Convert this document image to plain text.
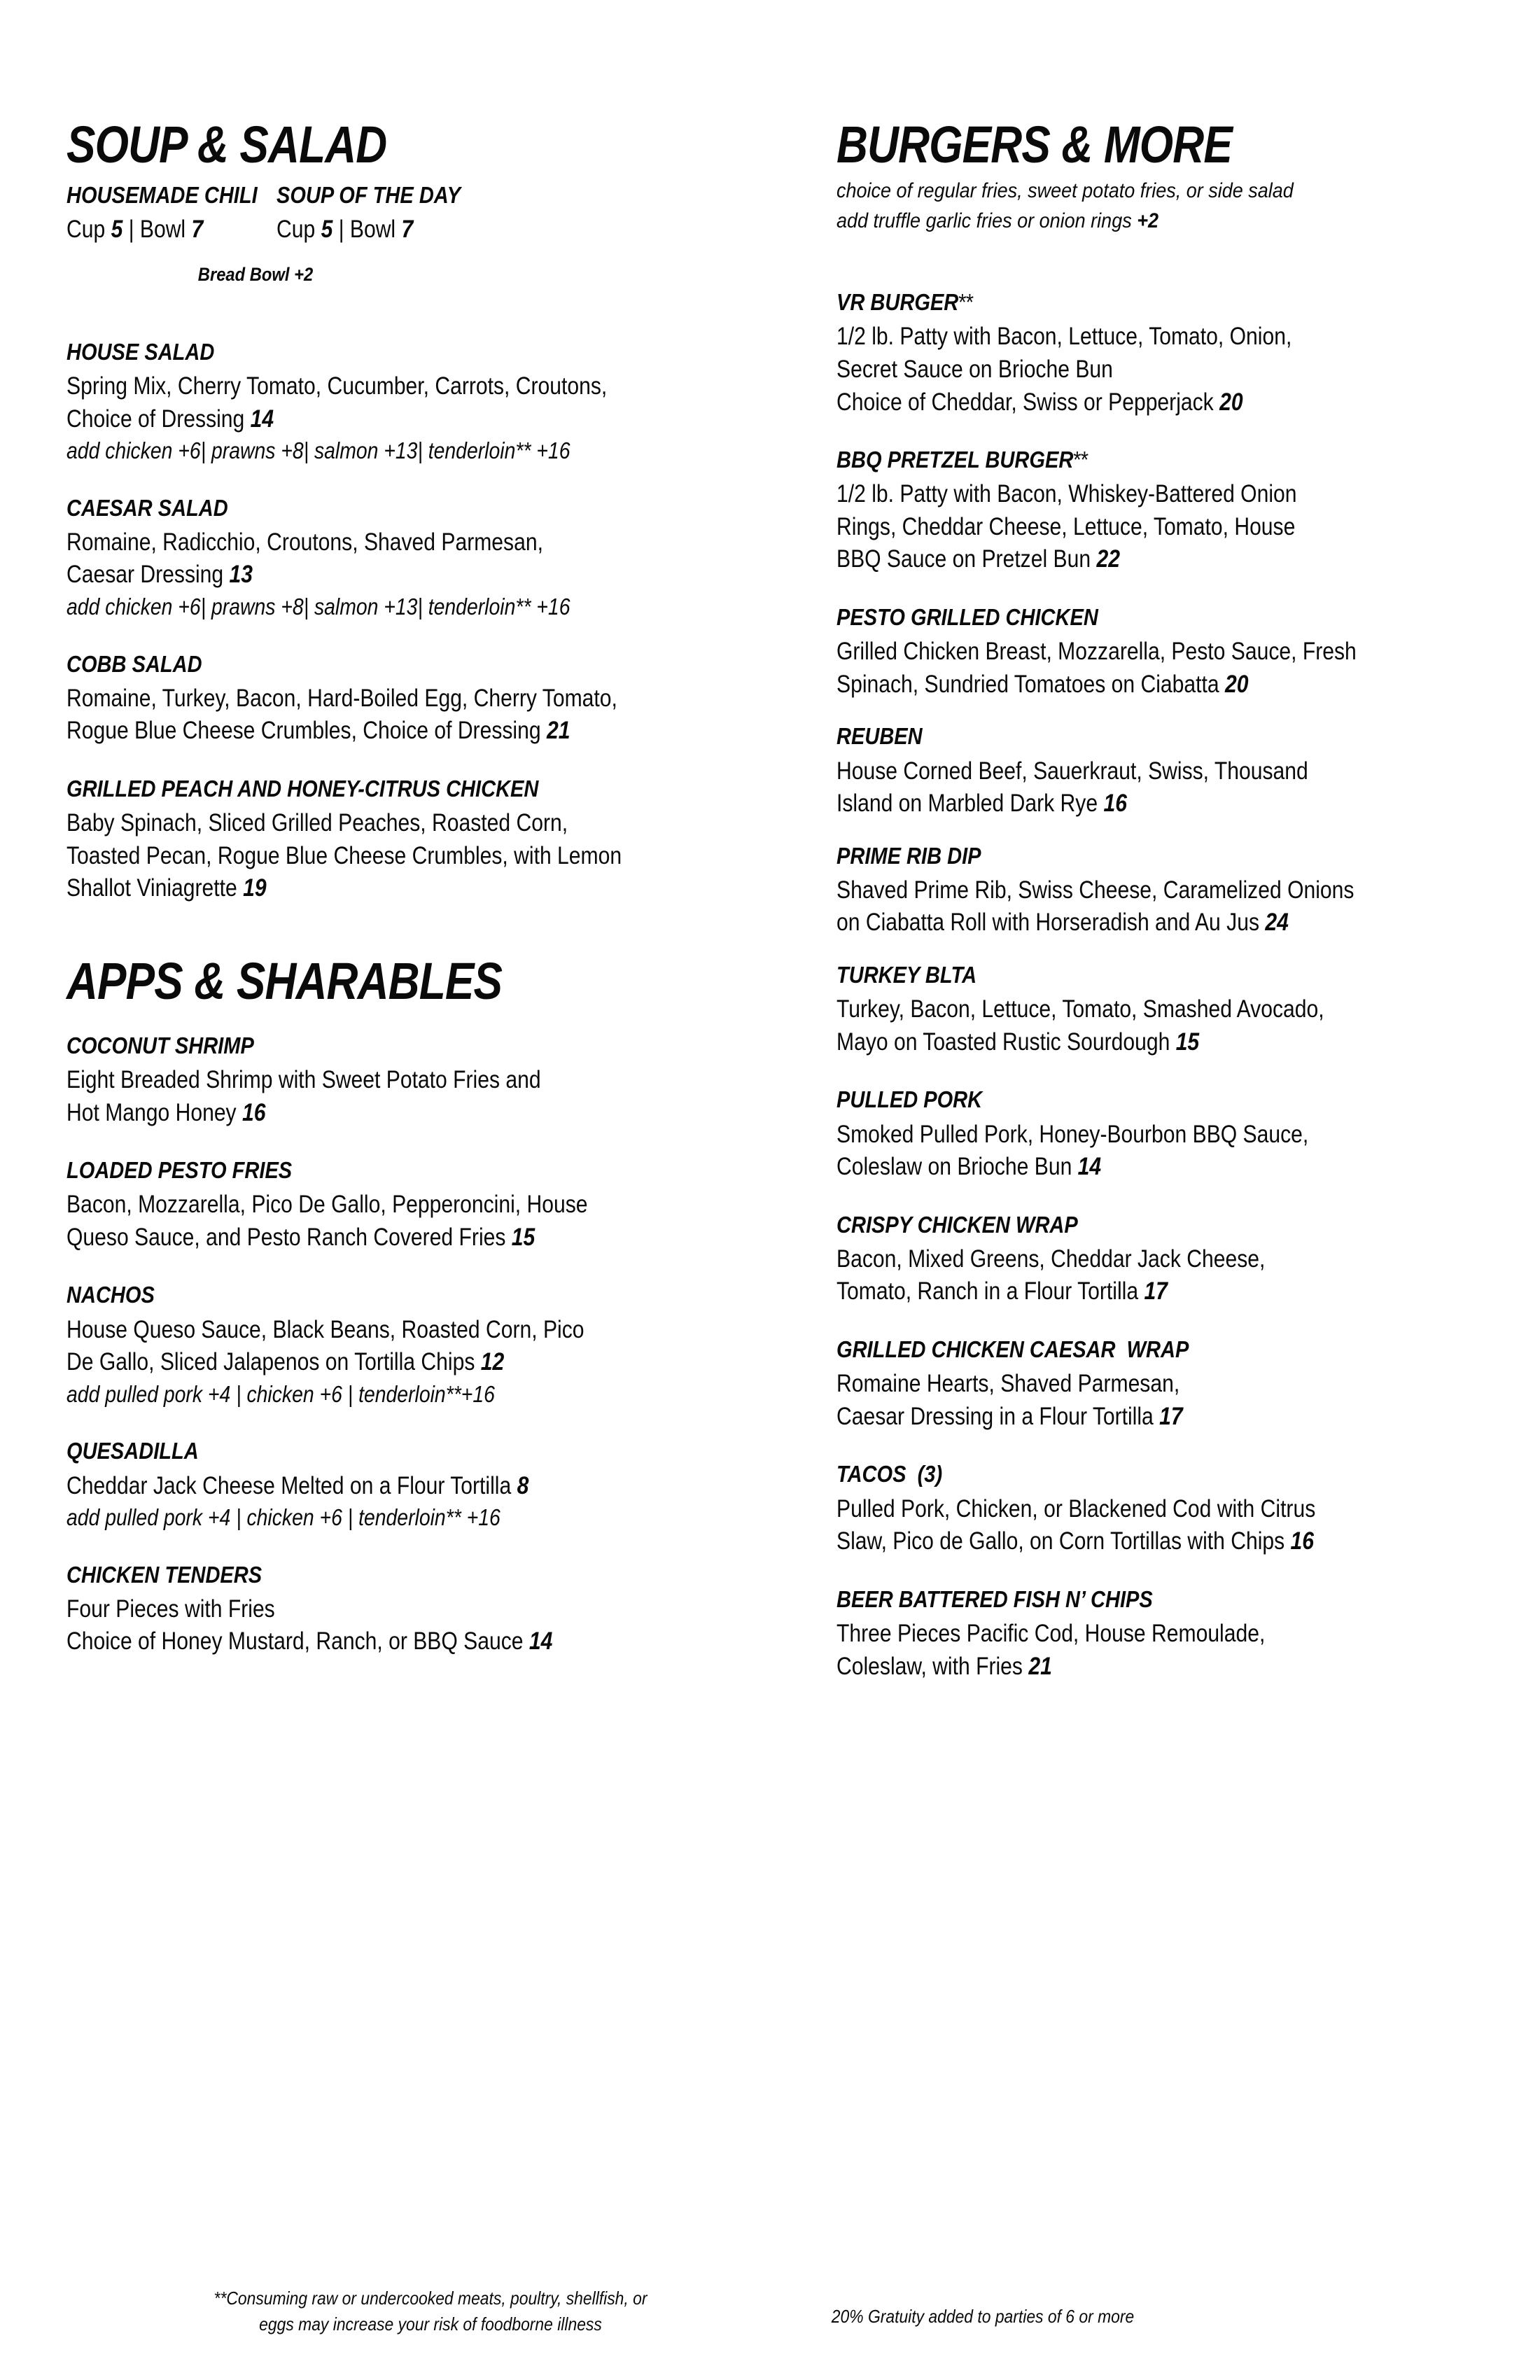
SOUP & SALAD
HOUSEMADE CHILI
Cup 5 | Bowl 7
SOUP OF THE DAY
Cup 5 | Bowl 7
Bread Bowl +2
HOUSE SALAD
Spring Mix, Cherry Tomato, Cucumber, Carrots, Croutons,
Choice of Dressing 14
add chicken +6| prawns +8| salmon +13| tenderloin** +16
CAESAR SALAD
Romaine, Radicchio, Croutons, Shaved Parmesan,
Caesar Dressing 13
add chicken +6| prawns +8| salmon +13| tenderloin** +16
COBB SALAD
Romaine, Turkey, Bacon, Hard-Boiled Egg, Cherry Tomato,
Rogue Blue Cheese Crumbles, Choice of Dressing 21
GRILLED PEACH AND HONEY-CITRUS CHICKEN
Baby Spinach, Sliced Grilled Peaches, Roasted Corn,
Toasted Pecan, Rogue Blue Cheese Crumbles, with Lemon
Shallot Viniagrette 19
APPS & SHARABLES
COCONUT SHRIMP
Eight Breaded Shrimp with Sweet Potato Fries and
Hot Mango Honey 16
LOADED PESTO FRIES
Bacon, Mozzarella, Pico De Gallo, Pepperoncini, House
Queso Sauce, and Pesto Ranch Covered Fries 15
NACHOS
House Queso Sauce, Black Beans, Roasted Corn, Pico
De Gallo, Sliced Jalapenos on Tortilla Chips 12
add pulled pork +4 | chicken +6 | tenderloin**+16
QUESADILLA
Cheddar Jack Cheese Melted on a Flour Tortilla 8
add pulled pork +4 | chicken +6 | tenderloin** +16
CHICKEN TENDERS
Four Pieces with Fries
Choice of Honey Mustard, Ranch, or BBQ Sauce 14
BURGERS & MORE
choice of regular fries, sweet potato fries, or side salad
add truffle garlic fries or onion rings +2
VR BURGER**
1/2 lb. Patty with Bacon, Lettuce, Tomato, Onion,
Secret Sauce on Brioche Bun
Choice of Cheddar, Swiss or Pepperjack 20
BBQ PRETZEL BURGER**
1/2 lb. Patty with Bacon, Whiskey-Battered Onion
Rings, Cheddar Cheese, Lettuce, Tomato, House
BBQ Sauce on Pretzel Bun 22
PESTO GRILLED CHICKEN
Grilled Chicken Breast, Mozzarella, Pesto Sauce, Fresh
Spinach, Sundried Tomatoes on Ciabatta 20
REUBEN
House Corned Beef, Sauerkraut, Swiss, Thousand
Island on Marbled Dark Rye 16
PRIME RIB DIP
Shaved Prime Rib, Swiss Cheese, Caramelized Onions
on Ciabatta Roll with Horseradish and Au Jus 24
TURKEY BLTA
Turkey, Bacon, Lettuce, Tomato, Smashed Avocado,
Mayo on Toasted Rustic Sourdough 15
PULLED PORK
Smoked Pulled Pork, Honey-Bourbon BBQ Sauce,
Coleslaw on Brioche Bun 14
CRISPY CHICKEN WRAP
Bacon, Mixed Greens, Cheddar Jack Cheese,
Tomato, Ranch in a Flour Tortilla 17
GRILLED CHICKEN CAESAR  WRAP
Romaine Hearts, Shaved Parmesan,
Caesar Dressing in a Flour Tortilla 17
TACOS  (3)
Pulled Pork, Chicken, or Blackened Cod with Citrus
Slaw, Pico de Gallo, on Corn Tortillas with Chips 16
BEER BATTERED FISH N’ CHIPS
Three Pieces Pacific Cod, House Remoulade,
Coleslaw, with Fries 21
**Consuming raw or undercooked meats, poultry, shellfish, or
eggs may increase your risk of foodborne illness	20% Gratuity added to parties of 6 or more
